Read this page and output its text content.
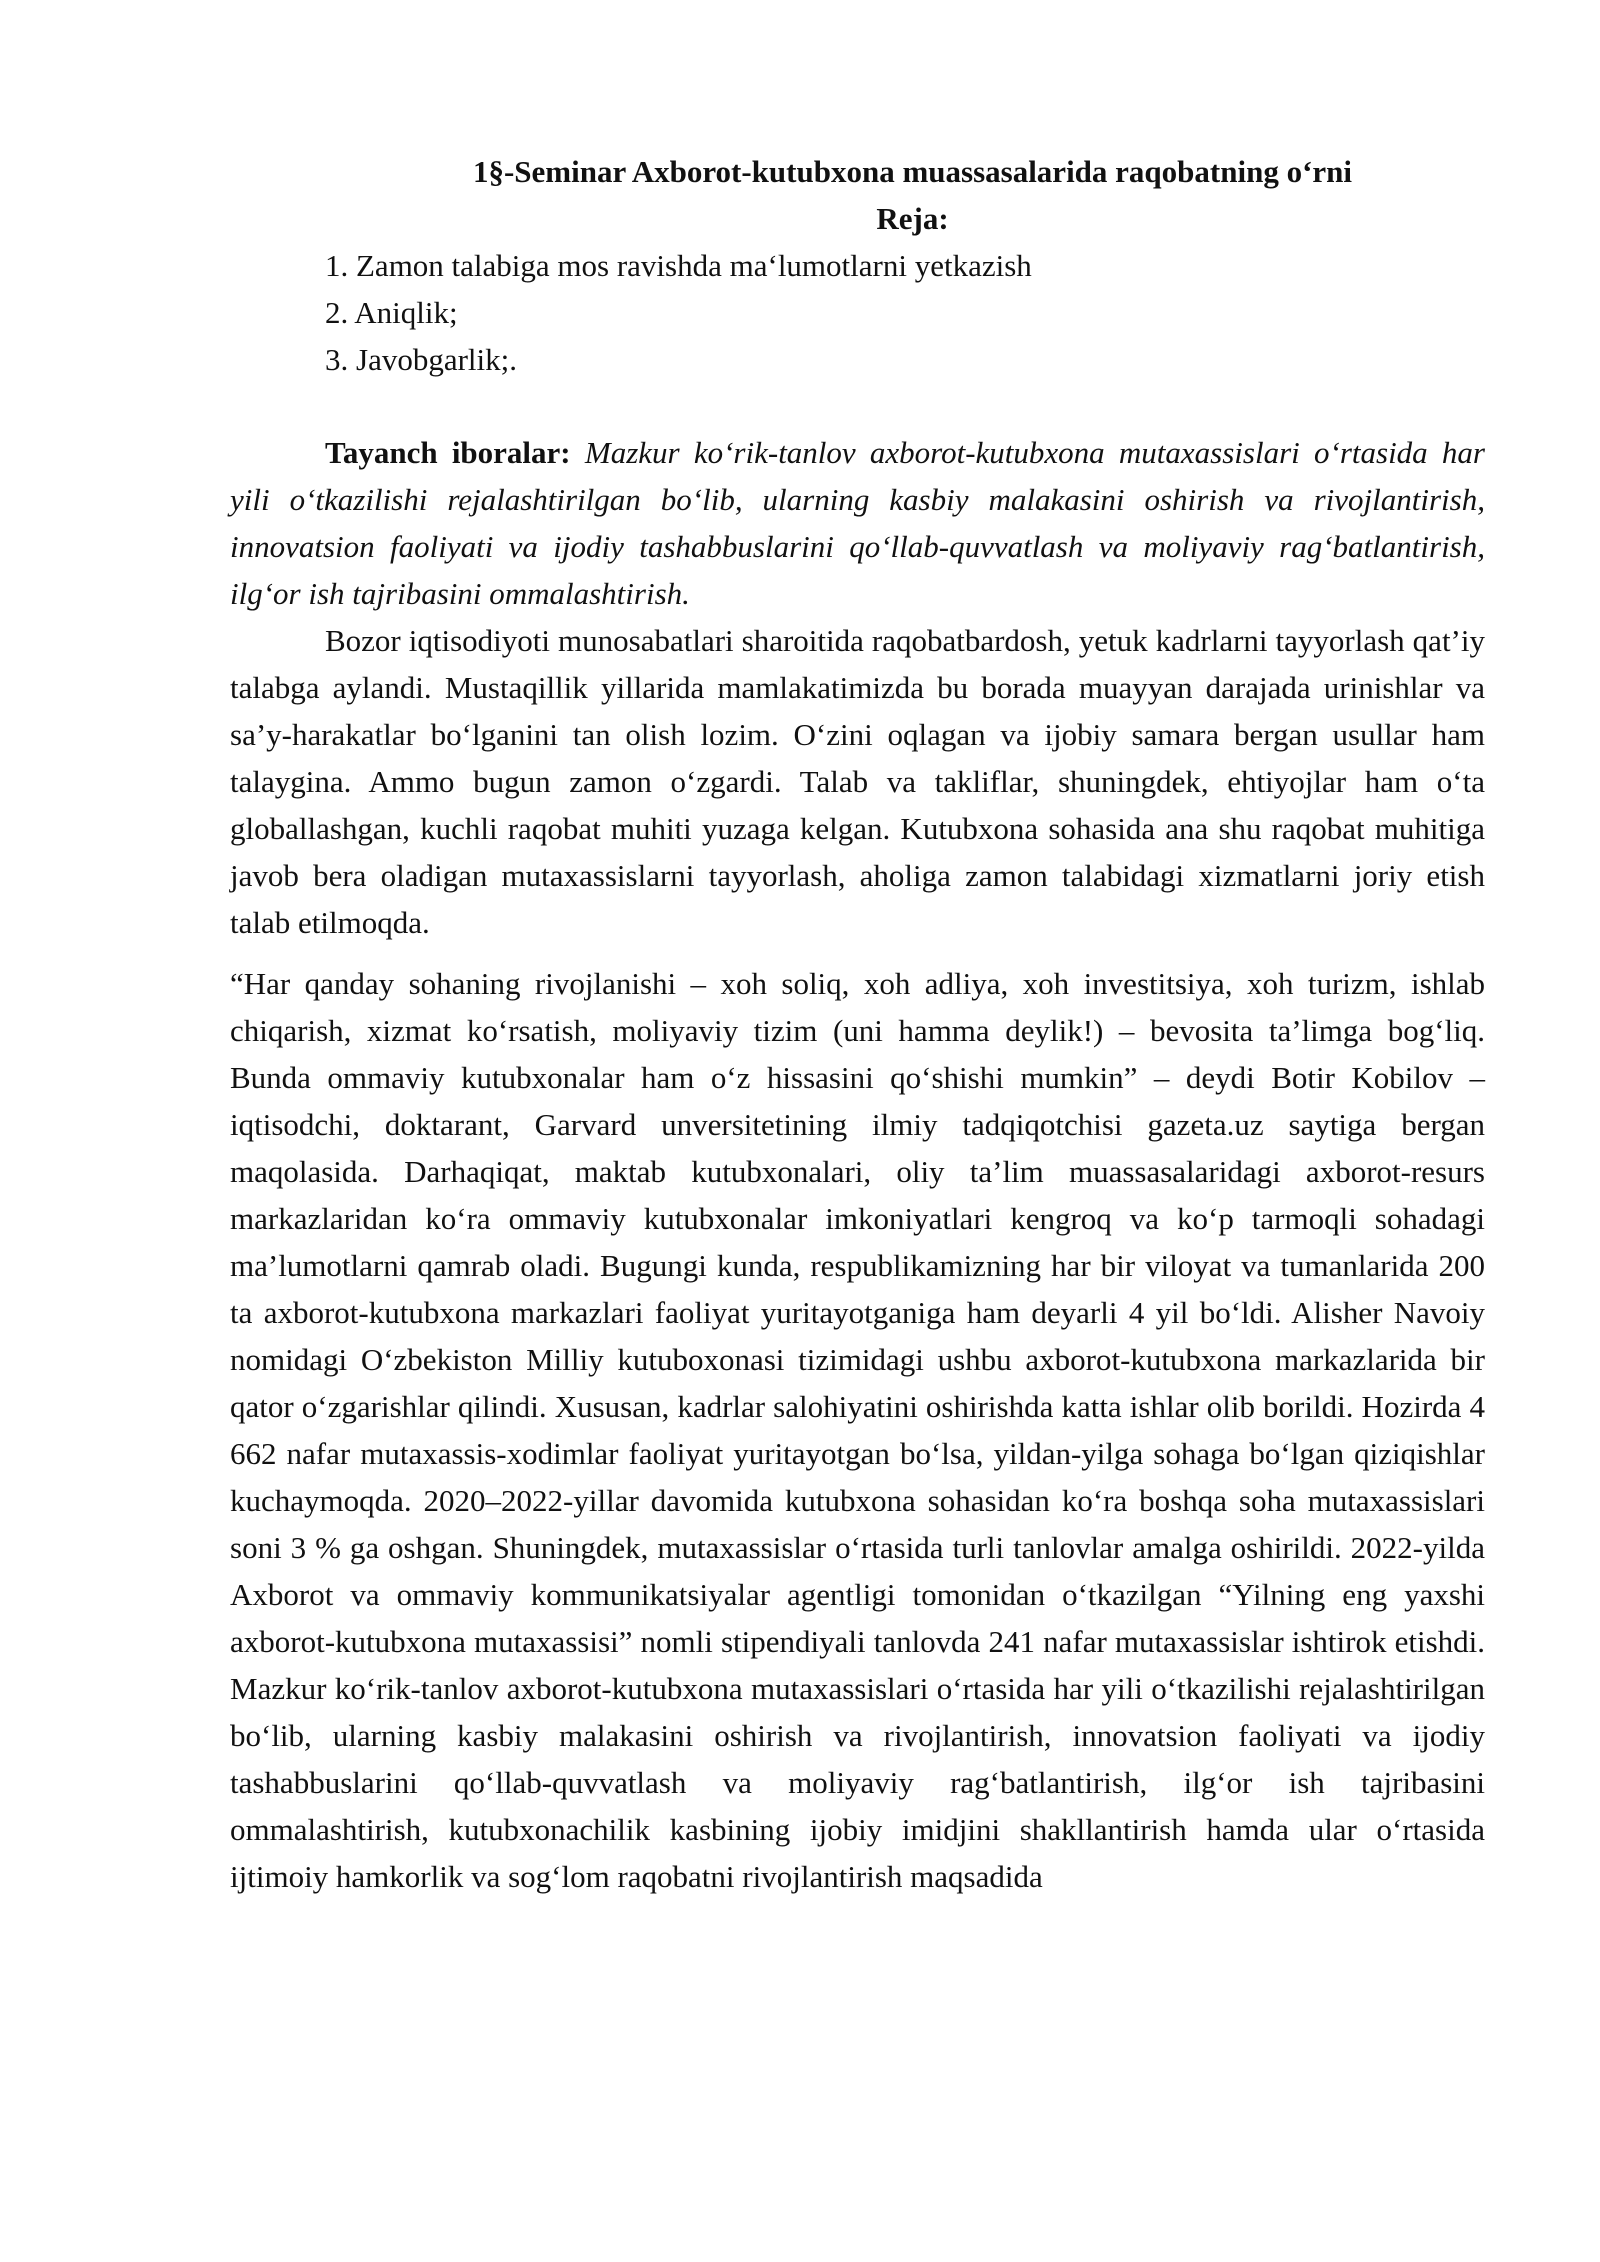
1§-Seminar Axborot-kutubxona muassasalarida raqobatning o‘rni
Reja:
1. Zamon talabiga mos ravishda ma‘lumotlarni yetkazish
2. Aniqlik;
3. Javobgarlik;.

Tayanch iboralar: Mazkur ko‘rik-tanlov axborot-kutubxona mutaxassislari o‘rtasida har yili o‘tkazilishi rejalashtirilgan bo‘lib, ularning kasbiy malakasini oshirish va rivojlantirish, innovatsion faoliyati va ijodiy tashabbuslarini qo‘llab-quvvatlash va moliyaviy rag‘batlantirish, ilg‘or ish tajribasini ommalashtirish.

Bozor iqtisodiyoti munosabatlari sharoitida raqobatbardosh, yetuk kadrlarni tayyorlash qat’iy talabga aylandi. Mustaqillik yillarida mamlakatimizda bu borada muayyan darajada urinishlar va sa’y-harakatlar bo‘lganini tan olish lozim. O‘zini oqlagan va ijobiy samara bergan usullar ham talaygina. Ammo bugun zamon o‘zgardi. Talab va takliflar, shuningdek, ehtiyojlar ham o‘ta globallashgan, kuchli raqobat muhiti yuzaga kelgan. Kutubxona sohasida ana shu raqobat muhitiga javob bera oladigan mutaxassislarni tayyorlash, aholiga zamon talabidagi xizmatlarni joriy etish talab etilmoqda.

“Har qanday sohaning rivojlanishi – xoh soliq, xoh adliya, xoh investitsiya, xoh turizm, ishlab chiqarish, xizmat ko‘rsatish, moliyaviy tizim (uni hamma deylik!) – bevosita ta’limga bog‘liq. Bunda ommaviy kutubxonalar ham o‘z hissasini qo‘shishi mumkin” – deydi Botir Kobilov – iqtisodchi, doktarant, Garvard unversitetining ilmiy tadqiqotchisi gazeta.uz saytiga bergan maqolasida. Darhaqiqat, maktab kutubxonalari, oliy ta’lim muassasalaridagi axborot-resurs markazlaridan ko‘ra ommaviy kutubxonalar imkoniyatlari kengroq va ko‘p tarmoqli sohadagi ma’lumotlarni qamrab oladi. Bugungi kunda, respublikamizning har bir viloyat va tumanlarida 200 ta axborot-kutubxona markazlari faoliyat yuritayotganiga ham deyarli 4 yil bo‘ldi. Alisher Navoiy nomidagi O‘zbekiston Milliy kutuboxonasi tizimidagi ushbu axborot-kutubxona markazlarida bir qator o‘zgarishlar qilindi. Xususan, kadrlar salohiyatini oshirishda katta ishlar olib borildi. Hozirda 4 662 nafar mutaxassis-xodimlar faoliyat yuritayotgan bo‘lsa, yildan-yilga sohaga bo‘lgan qiziqishlar kuchaymoqda. 2020–2022-yillar davomida kutubxona sohasidan ko‘ra boshqa soha mutaxassislari soni 3 % ga oshgan. Shuningdek, mutaxassislar o‘rtasida turli tanlovlar amalga oshirildi. 2022-yilda Axborot va ommaviy kommunikatsiyalar agentligi tomonidan o‘tkazilgan “Yilning eng yaxshi axborot-kutubxona mutaxassisi” nomli stipendiyali tanlovda 241 nafar mutaxassislar ishtirok etishdi. Mazkur ko‘rik-tanlov axborot-kutubxona mutaxassislari o‘rtasida har yili o‘tkazilishi rejalashtirilgan bo‘lib, ularning kasbiy malakasini oshirish va rivojlantirish, innovatsion faoliyati va ijodiy tashabbuslarini qo‘llab-quvvatlash va moliyaviy rag‘batlantirish, ilg‘or ish tajribasini ommalashtirish, kutubxonachilik kasbining ijobiy imidjini shakllantirish hamda ular o‘rtasida ijtimoiy hamkorlik va sog‘lom raqobatni rivojlantirish maqsadida
